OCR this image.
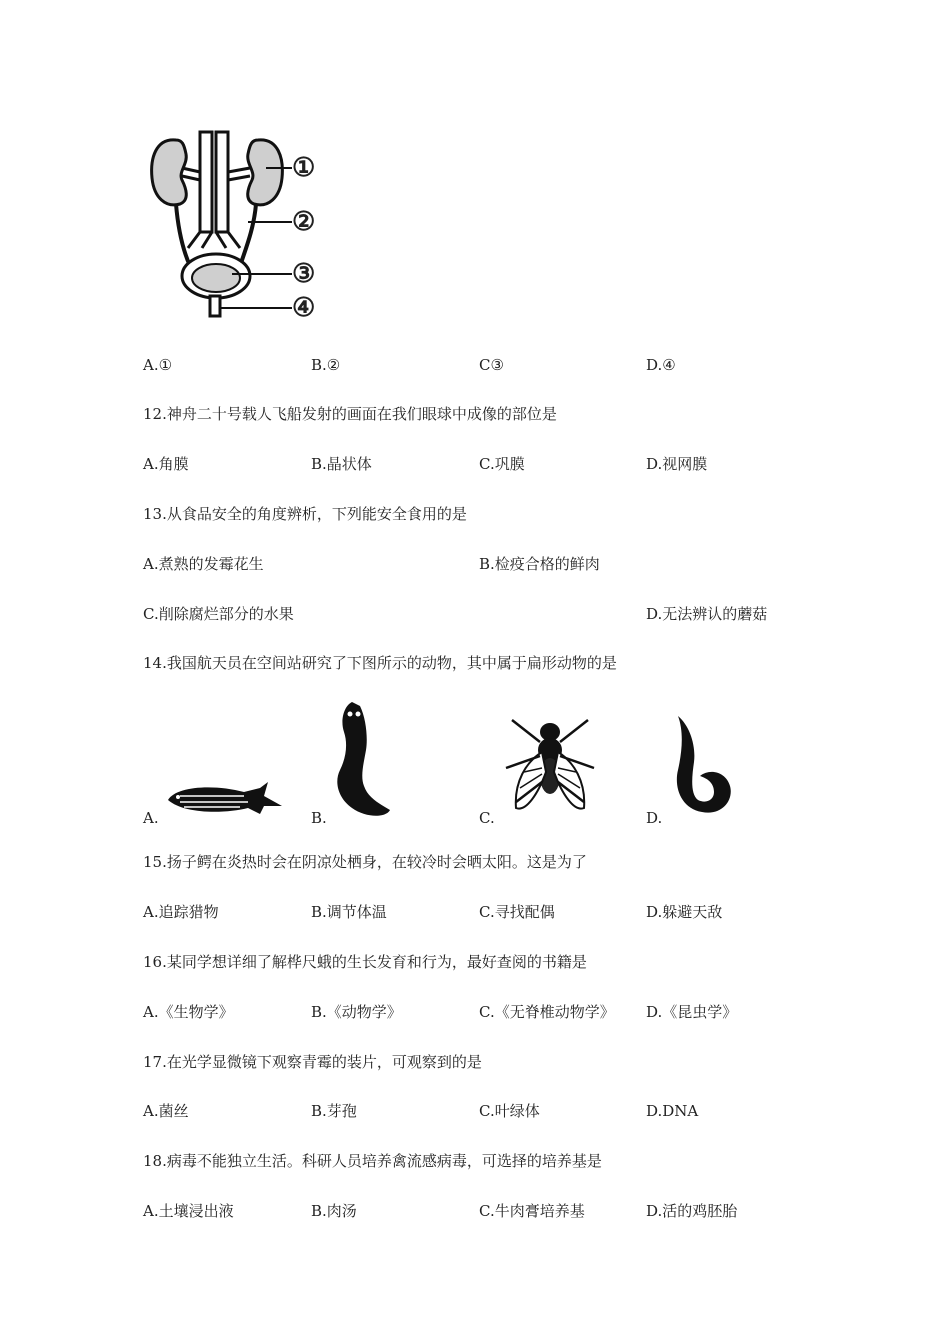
①
②
③
④
A.①	B.②	C③	D.④
12.神舟二十号载人飞船发射的画面在我们眼球中成像的部位是
A.角膜	B.晶状体	C.巩膜	D.视网膜
13.从食品安全的角度辨析，下列能安全食用的是
A.煮熟的发霉花生	B.检疫合格的鲜肉
C.削除腐烂部分的水果	D.无法辨认的蘑菇
14.我国航天员在空间站研究了下图所示的动物，其中属于扁形动物的是
A.	B.	C.	D.
15.扬子鳄在炎热时会在阴凉处栖身，在较冷时会晒太阳。这是为了
A.追踪猎物	B.调节体温	C.寻找配偶	D.躲避天敌
16.某同学想详细了解桦尺蛾的生长发育和行为，最好查阅的书籍是
A.《生物学》	B.《动物学》	C.《无脊椎动物学》 D.《昆虫学》
17.在光学显微镜下观察青霉的装片，可观察到的是
A.菌丝	B.芽孢	C.叶绿体	D.DNA
18.病毒不能独立生活。科研人员培养禽流感病毒，可选择的培养基是
A.土壤浸出液	B.肉汤	C.牛肉膏培养基	D.活的鸡胚胎
